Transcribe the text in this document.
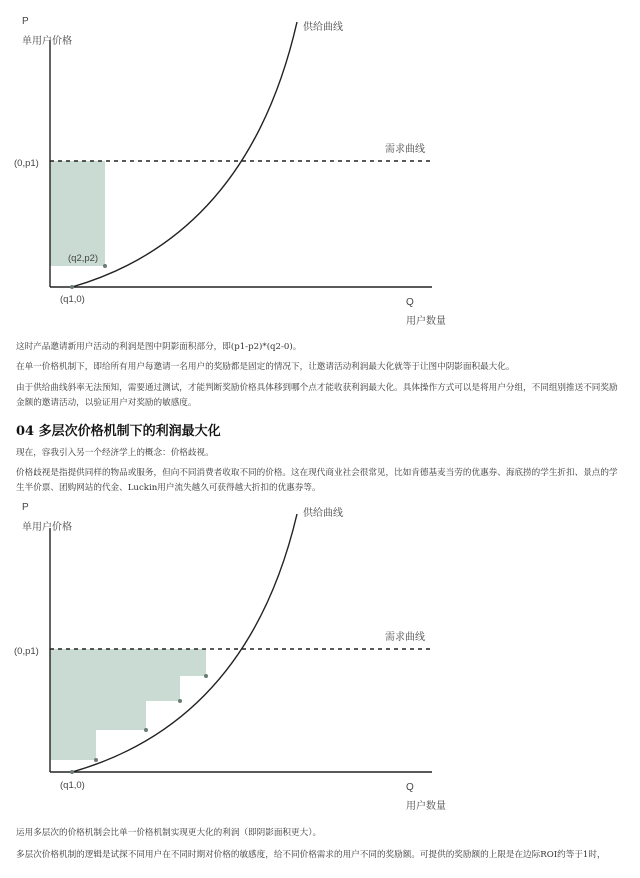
P
单用户价格
供给曲线
需求曲线
(0,p1)
(q2,p2)
(q1,0)	Q
用户数量

这时产品邀请新用户活动的利润是图中阴影面积部分，即(p1-p2)*(q2-0)。

在单一价格机制下，即给所有用户每邀请一名用户的奖励都是固定的情况下，让邀请活动利润最大化就等于让图中阴影面积最大化。

由于供给曲线斜率无法预知，需要通过测试，才能判断奖励价格具体移到哪个点才能收获利润最大化。具体操作方式可以是将用户分组，不同组别推送不同奖励金额的邀请活动，以验证用户对奖励的敏感度。

04 多层次价格机制下的利润最大化

现在，容我引入另一个经济学上的概念：价格歧视。

价格歧视是指提供同样的物品或服务，但向不同消费者收取不同的价格。这在现代商业社会很常见，比如肯德基麦当劳的优惠券、海底捞的学生折扣、景点的学生半价票、团购网站的代金、Luckin用户流失越久可获得越大折扣的优惠券等。

P
单用户价格
供给曲线
需求曲线
(0,p1)
(q1,0)	Q
用户数量

运用多层次的价格机制会比单一价格机制实现更大化的利润（即阴影面积更大）。

多层次价格机制的逻辑是试探不同用户在不同时期对价格的敏感度，给不同价格需求的用户不同的奖励额。可提供的奖励额的上限是在边际ROI约等于1时，
